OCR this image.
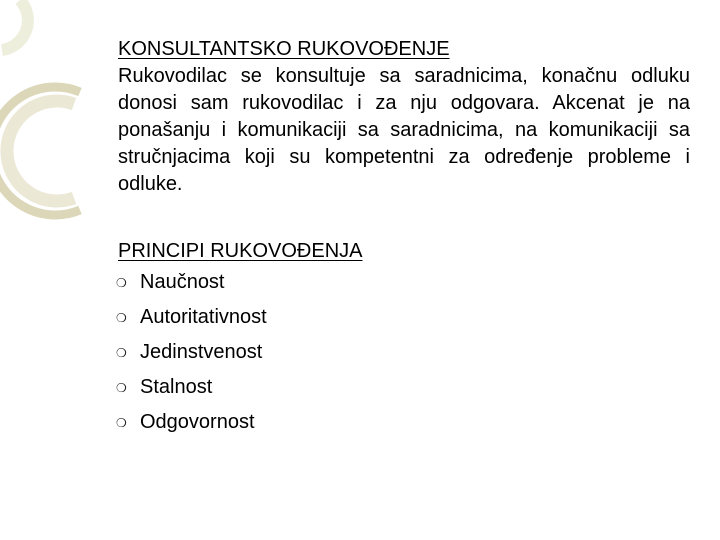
KONSULTANTSKO RUKOVOĐENJE

Rukovodilac se konsultuje sa saradnicima, konačnu odluku donosi sam rukovodilac i za nju odgovara. Akcenat je na ponašanju i komunikaciji sa saradnicima, na komunikaciji sa stručnjacima koji su kompetentni za određenje probleme i odluke.

PRINCIPI RUKOVOĐENJA
❍ Naučnost
❍ Autoritativnost
❍ Jedinstvenost
❍ Stalnost
❍ Odgovornost
